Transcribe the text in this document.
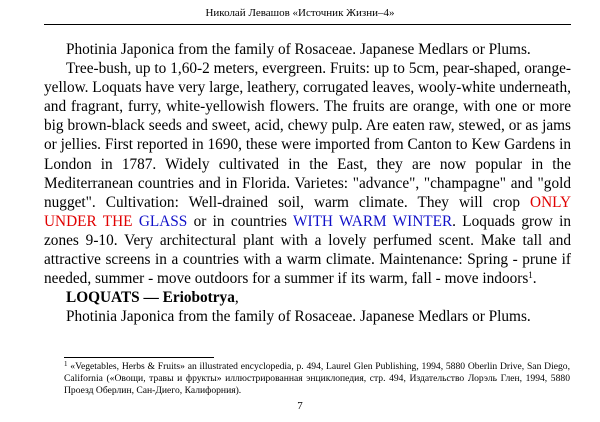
Николай Левашов «Источник Жизни–4»

Photinia Japonica from the family of Rosaceae. Japanese Medlars or Plums.

Tree-bush, up to 1,60-2 meters, evergreen. Fruits: up to 5cm, pear-shaped, orange-yellow. Loquats have very large, leathery, corrugated leaves, wooly-white underneath, and fragrant, furry, white-yellowish flowers. The fruits are orange, with one or more big brown-black seeds and sweet, acid, chewy pulp. Are eaten raw, stewed, or as jams or jellies. First reported in 1690, these were imported from Canton to Kew Gardens in London in 1787. Widely cultivated in the East, they are now popular in the Mediterranean countries and in Florida. Varietes: "advance", "champagne" and "gold nugget". Cultivation: Well-drained soil, warm climate. They will crop ONLY UNDER THE GLASS or in countries WITH WARM WINTER. Loquads grow in zones 9-10. Very architectural plant with a lovely perfumed scent. Make tall and attractive screens in a countries with a warm climate. Maintenance: Spring - prune if needed, summer - move outdoors for a summer if its warm, fall - move indoors$^1$.

LOQUATS — Eriobotrya,

Photinia Japonica from the family of Rosaceae. Japanese Medlars or Plums.

$^1$ «Vegetables, Herbs & Fruits» an illustrated encyclopedia, p. 494, Laurel Glen Publishing, 1994, 5880 Oberlin Drive, San Diego, California («Овощи, травы и фрукты» иллюстрированная энциклопедия, стр. 494, Издательство Лорэль Глен, 1994, 5880 Проезд Оберлин, Сан-Диего, Калифорния).
7
